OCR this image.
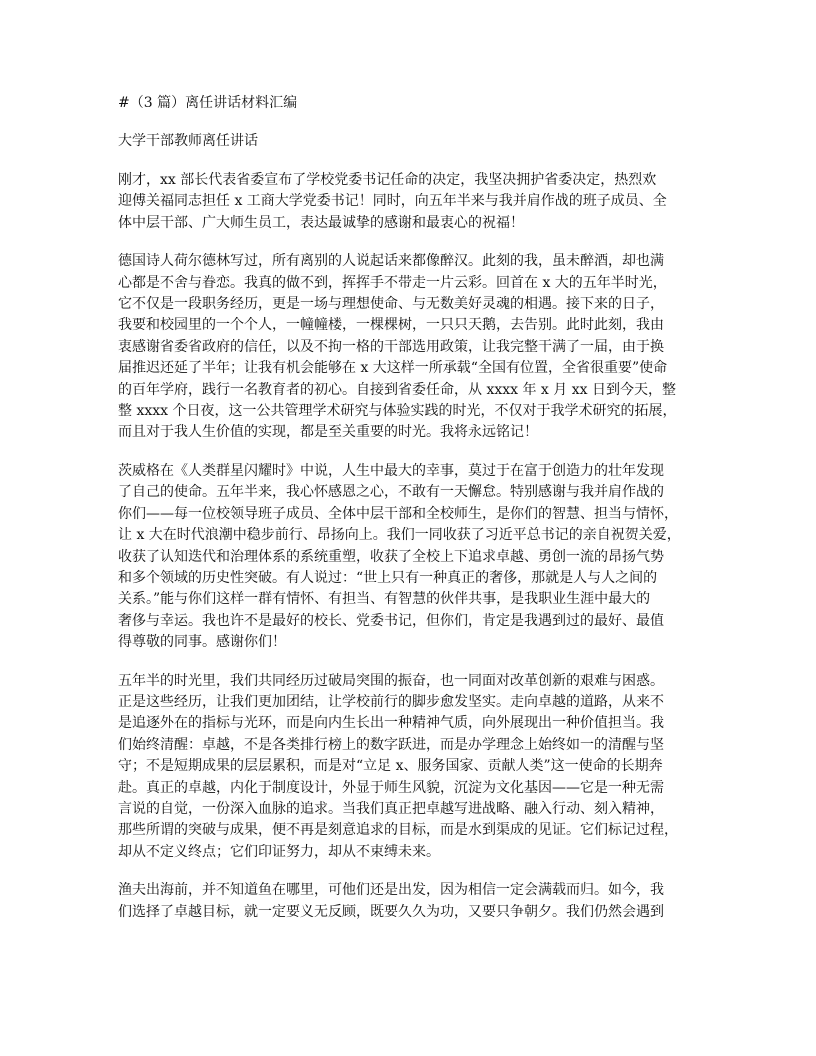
#（3 篇）离任讲话材料汇编

大学干部教师离任讲话

刚才，xx 部长代表省委宣布了学校党委书记任命的决定，我坚决拥护省委决定，热烈欢
迎傅关福同志担任 x 工商大学党委书记！同时，向五年半来与我并肩作战的班子成员、全
体中层干部、广大师生员工，表达最诚挚的感谢和最衷心的祝福！
德国诗人荷尔德林写过，所有离别的人说起话来都像醉汉。此刻的我，虽未醉酒，却也满
心都是不舍与眷恋。我真的做不到，挥挥手不带走一片云彩。回首在 x 大的五年半时光，
它不仅是一段职务经历，更是一场与理想使命、与无数美好灵魂的相遇。接下来的日子，
我要和校园里的一个个人，一幢幢楼，一棵棵树，一只只天鹅，去告别。此时此刻，我由
衷感谢省委省政府的信任，以及不拘一格的干部选用政策，让我完整干满了一届，由于换
届推迟还延了半年；让我有机会能够在 x 大这样一所承载“全国有位置，全省很重要”使命
的百年学府，践行一名教育者的初心。自接到省委任命，从 xxxx 年 x 月 xx 日到今天，整
整 xxxx 个日夜，这一公共管理学术研究与体验实践的时光，不仅对于我学术研究的拓展，
而且对于我人生价值的实现，都是至关重要的时光。我将永远铭记！
茨威格在《人类群星闪耀时》中说，人生中最大的幸事，莫过于在富于创造力的壮年发现
了自己的使命。五年半来，我心怀感恩之心，不敢有一天懈怠。特别感谢与我并肩作战的
你们——每一位校领导班子成员、全体中层干部和全校师生，是你们的智慧、担当与情怀，
让 x 大在时代浪潮中稳步前行、昂扬向上。我们一同收获了习近平总书记的亲自祝贺关爱，
收获了认知迭代和治理体系的系统重塑，收获了全校上下追求卓越、勇创一流的昂扬气势
和多个领域的历史性突破。有人说过：“世上只有一种真正的奢侈，那就是人与人之间的
关系。”能与你们这样一群有情怀、有担当、有智慧的伙伴共事，是我职业生涯中最大的
奢侈与幸运。我也许不是最好的校长、党委书记，但你们，肯定是我遇到过的最好、最值
得尊敬的同事。感谢你们！
五年半的时光里，我们共同经历过破局突围的振奋，也一同面对改革创新的艰难与困惑。
正是这些经历，让我们更加团结，让学校前行的脚步愈发坚实。走向卓越的道路，从来不
是追逐外在的指标与光环，而是向内生长出一种精神气质，向外展现出一种价值担当。我
们始终清醒：卓越，不是各类排行榜上的数字跃进，而是办学理念上始终如一的清醒与坚
守；不是短期成果的层层累积，而是对“立足 x、服务国家、贡献人类”这一使命的长期奔
赴。真正的卓越，内化于制度设计，外显于师生风貌，沉淀为文化基因——它是一种无需
言说的自觉，一份深入血脉的追求。当我们真正把卓越写进战略、融入行动、刻入精神，
那些所谓的突破与成果，便不再是刻意追求的目标，而是水到渠成的见证。它们标记过程，
却从不定义终点；它们印证努力，却从不束缚未来。
渔夫出海前，并不知道鱼在哪里，可他们还是出发，因为相信一定会满载而归。如今，我
们选择了卓越目标，就一定要义无反顾，既要久久为功，又要只争朝夕。我们仍然会遇到
